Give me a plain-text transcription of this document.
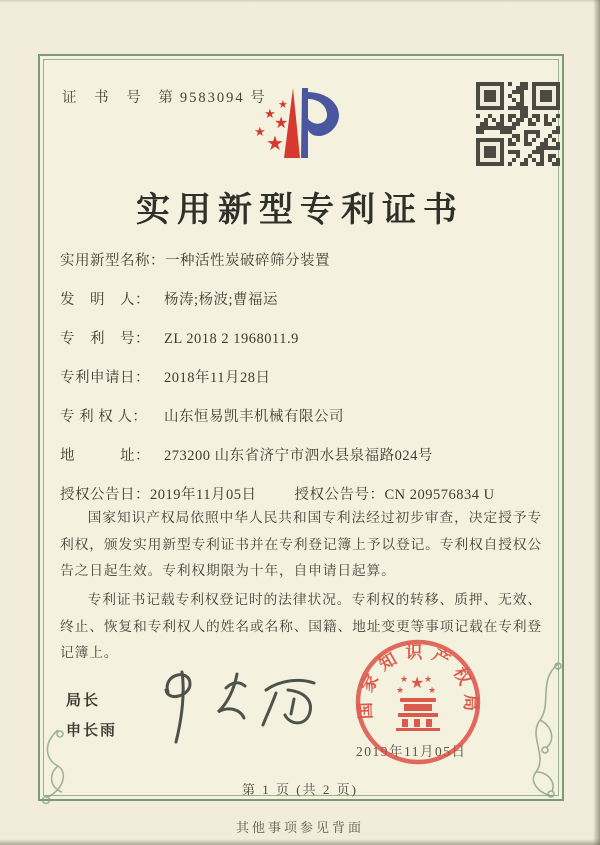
证 书 号 第9583094 号 ★
★
★
★
★
实用新型专利证书
实用新型名称： 一种活性炭破碎筛分装置
发　明　人： 杨涛;杨波;曹福运
专　利　号： ZL 2018 2 1968011.9
专利申请日： 2018年11月28日
专 利 权 人：	山东恒易凯丰机械有限公司
地　　　址： 273200 山东省济宁市泗水县泉福路024号
授权公告日： 2019年11月05日	授权公告号： CN 209576834 U

国家知识产权局依照中华人民共和国专利法经过初步审查，决定授予专利权，颁发实用新型专利证书并在专利登记簿上予以登记。专利权自授权公告之日起生效。专利权期限为十年，自申请日起算。

专利证书记载专利权登记时的法律状况。专利权的转移、质押、无效、终止、恢复和专利权人的姓名或名称、国籍、地址变更等事项记载在专利登记簿上。

局长
申长雨
2019年11月05日
国家知识产权局
★
★	★
★ ★
第 1 页 (共 2 页)
其他事项参见背面
